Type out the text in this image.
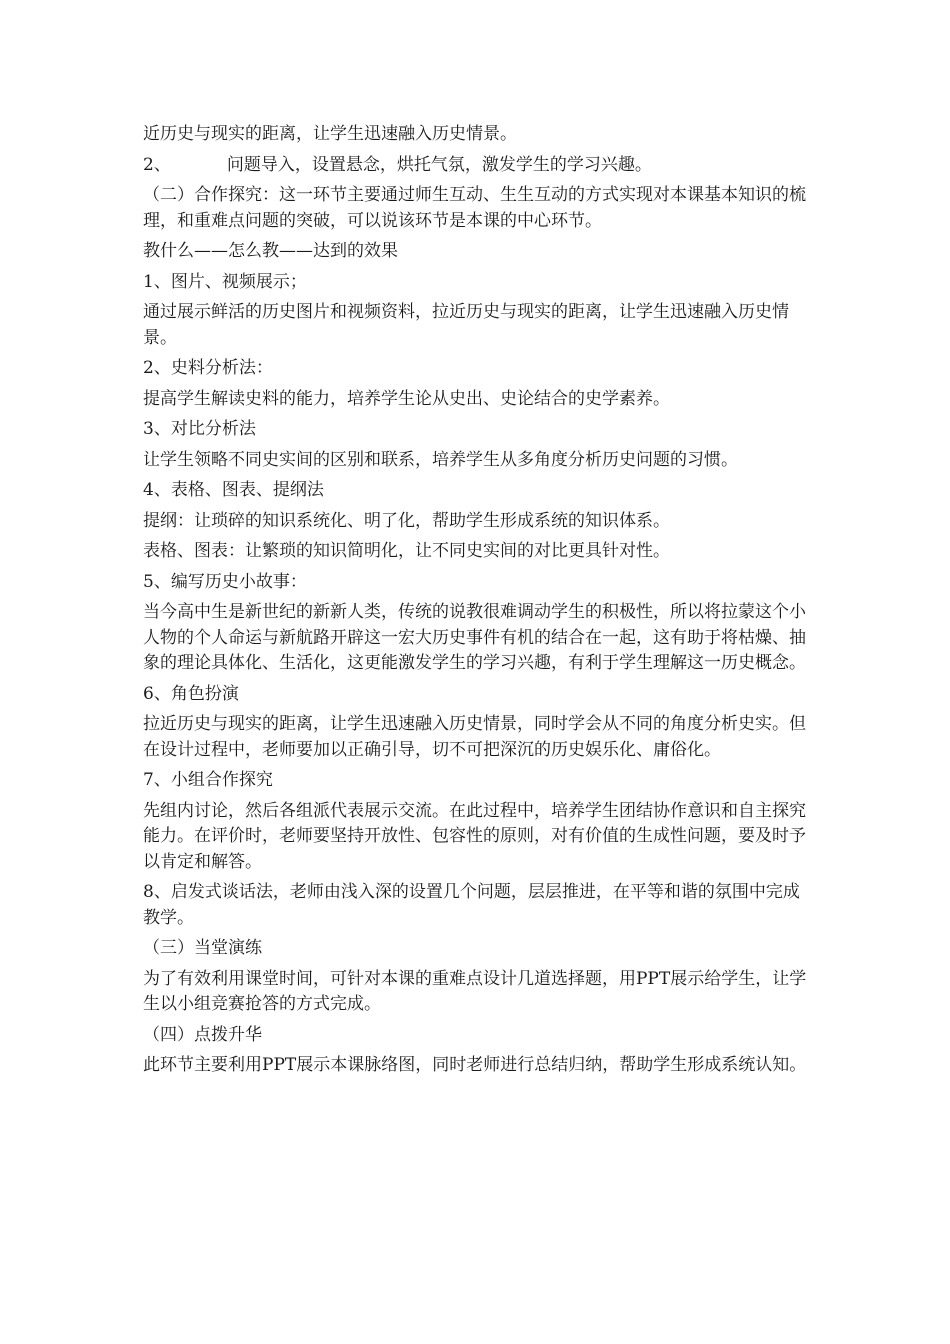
近历史与现实的距离，让学生迅速融入历史情景。

2、	问题导入，设置悬念，烘托气氛，激发学生的学习兴趣。

（二）合作探究：这一环节主要通过师生互动、生生互动的方式实现对本课基本知识的梳理，和重难点问题的突破，可以说该环节是本课的中心环节。

教什么——怎么教——达到的效果

1、图片、视频展示；

通过展示鲜活的历史图片和视频资料，拉近历史与现实的距离，让学生迅速融入历史情景。

2、史料分析法：

提高学生解读史料的能力，培养学生论从史出、史论结合的史学素养。

3、对比分析法

让学生领略不同史实间的区别和联系，培养学生从多角度分析历史问题的习惯。

4、表格、图表、提纲法

提纲：让琐碎的知识系统化、明了化，帮助学生形成系统的知识体系。

表格、图表：让繁琐的知识简明化，让不同史实间的对比更具针对性。

5、编写历史小故事：

当今高中生是新世纪的新新人类，传统的说教很难调动学生的积极性，所以将拉蒙这个小人物的个人命运与新航路开辟这一宏大历史事件有机的结合在一起，这有助于将枯燥、抽象的理论具体化、生活化，这更能激发学生的学习兴趣，有利于学生理解这一历史概念。

6、角色扮演

拉近历史与现实的距离，让学生迅速融入历史情景，同时学会从不同的角度分析史实。但在设计过程中，老师要加以正确引导，切不可把深沉的历史娱乐化、庸俗化。

7、小组合作探究

先组内讨论，然后各组派代表展示交流。在此过程中，培养学生团结协作意识和自主探究能力。在评价时，老师要坚持开放性、包容性的原则，对有价值的生成性问题，要及时予以肯定和解答。

8、启发式谈话法，老师由浅入深的设置几个问题，层层推进，在平等和谐的氛围中完成教学。

（三）当堂演练

为了有效利用课堂时间，可针对本课的重难点设计几道选择题，用PPT展示给学生，让学生以小组竞赛抢答的方式完成。

（四）点拨升华

此环节主要利用PPT展示本课脉络图，同时老师进行总结归纳，帮助学生形成系统认知。
